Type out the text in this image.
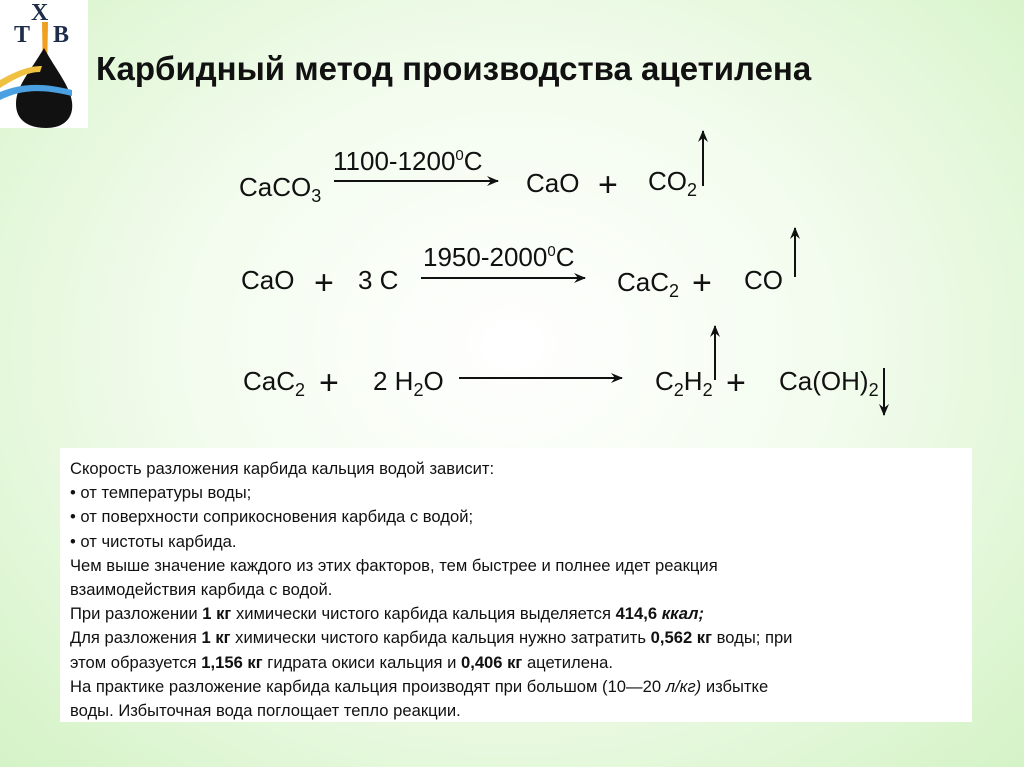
Х
Т В
Карбидный метод производства ацетилена
CaCO$_3$
1100-1200$^0$C
CaO + $CO_2$
CaO + 3 C
1950-2000$^0$C
CaC$_2$ + CO
CaC$_2$ + 2 $H_2O$	$C_2H_2 + Ca(OH)_2$
Скорость разложения карбида кальция водой зависит:
• от температуры воды;
• от поверхности соприкосновения карбида с водой;
• от чистоты карбида.
Чем выше значение каждого из этих факторов, тем быстрее и полнее идет реакция
взаимодействия карбида с водой.
При разложении 1 кг химически чистого карбида кальция выделяется 414,6 ккал;
Для разложения 1 кг химически чистого карбида кальция нужно затратить 0,562 кг воды; при
этом образуется 1,156 кг гидрата окиси кальция и 0,406 кг ацетилена.
На практике разложение карбида кальция производят при большом (10—20 л/кг) избытке
воды. Избыточная вода поглощает тепло реакции.
